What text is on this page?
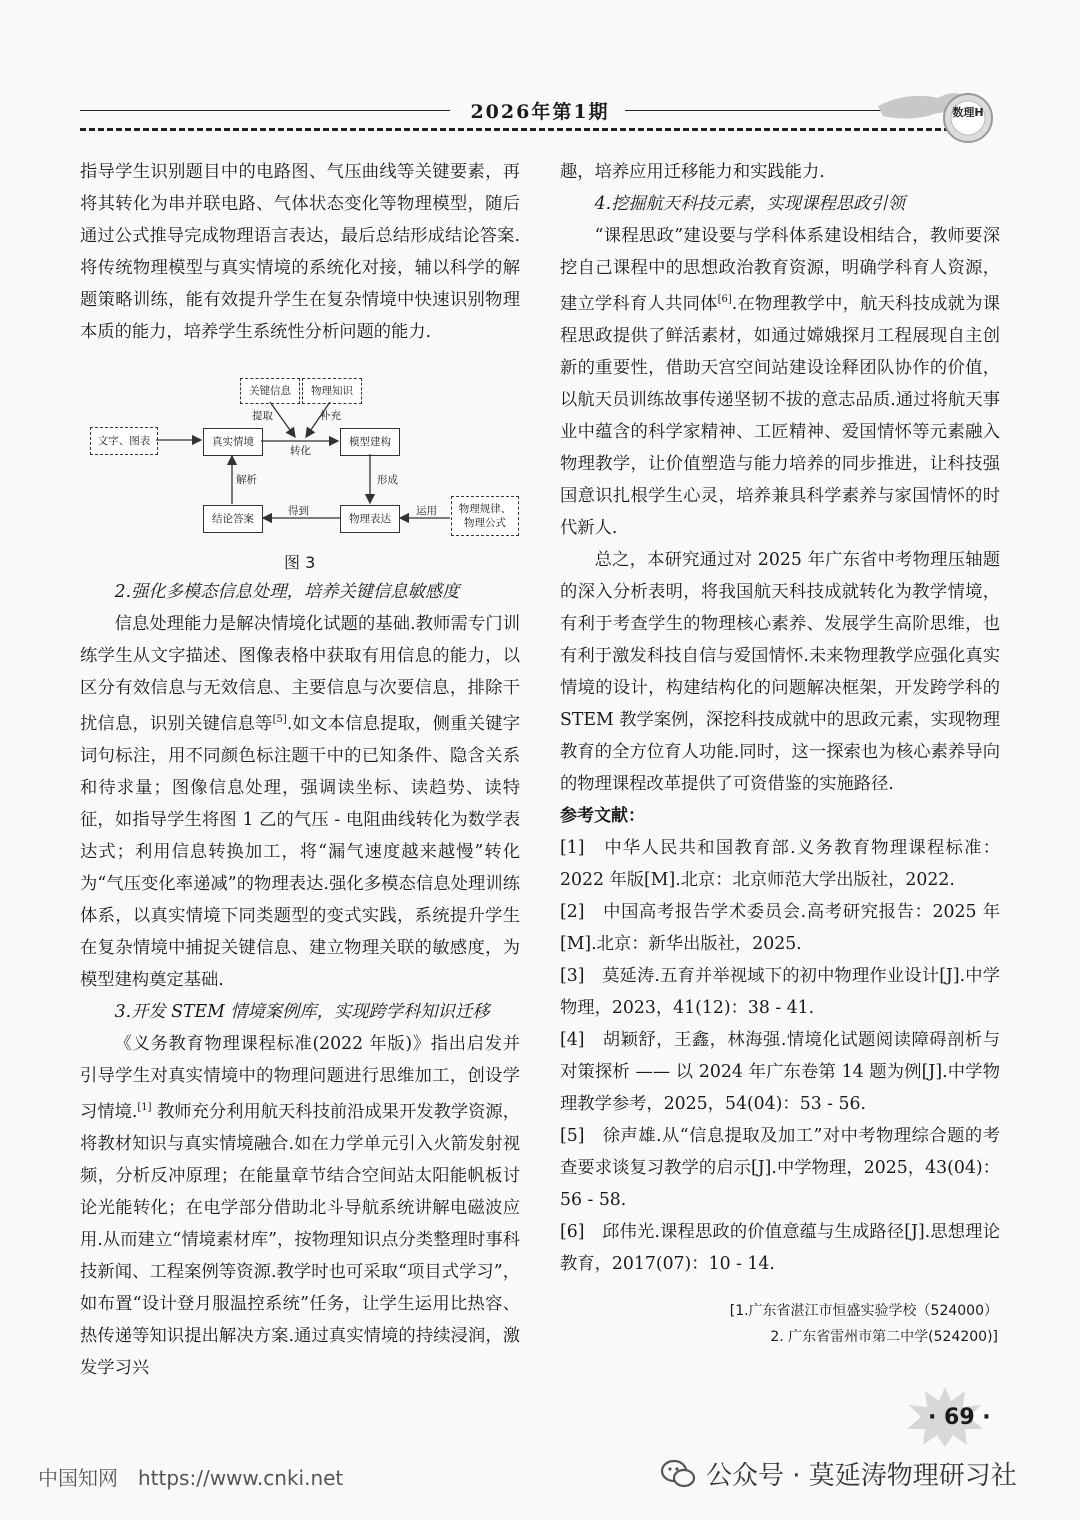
2026年第1期	数理H

指导学生识别题目中的电路图、气压曲线等关键要素，再将其转化为串并联电路、气体状态变化等物理模型，随后通过公式推导完成物理语言表达，最后总结形成结论答案.将传统物理模型与真实情境的系统化对接，辅以科学的解题策略训练，能有效提升学生在复杂情境中快速识别物理本质的能力，培养学生系统性分析问题的能力.

关键信息	物理知识
文字、图表	真实情境	模型建构
结论答案	物理表达
物理规律、
物理公式
提取	补充
转化
解析	形成
得到	运用
图 3

2.强化多模态信息处理，培养关键信息敏感度

信息处理能力是解决情境化试题的基础.教师需专门训练学生从文字描述、图像表格中获取有用信息的能力，以区分有效信息与无效信息、主要信息与次要信息，排除干扰信息，识别关键信息等[5].如文本信息提取，侧重关键字词句标注，用不同颜色标注题干中的已知条件、隐含关系和待求量；图像信息处理，强调读坐标、读趋势、读特征，如指导学生将图 1 乙的气压 - 电阻曲线转化为数学表达式；利用信息转换加工，将“漏气速度越来越慢”转化为“气压变化率递减”的物理表达.强化多模态信息处理训练体系，以真实情境下同类题型的变式实践，系统提升学生在复杂情境中捕捉关键信息、建立物理关联的敏感度，为模型建构奠定基础.

3.开发 STEM 情境案例库，实现跨学科知识迁移

《义务教育物理课程标准(2022 年版)》指出启发并引导学生对真实情境中的物理问题进行思维加工，创设学习情境.[1] 教师充分利用航天科技前沿成果开发教学资源，将教材知识与真实情境融合.如在力学单元引入火箭发射视频，分析反冲原理；在能量章节结合空间站太阳能帆板讨论光能转化；在电学部分借助北斗导航系统讲解电磁波应用.从而建立“情境素材库”，按物理知识点分类整理时事科技新闻、工程案例等资源.教学时也可采取“项目式学习”，如布置“设计登月服温控系统”任务，让学生运用比热容、热传递等知识提出解决方案.通过真实情境的持续浸润，激发学习兴

趣，培养应用迁移能力和实践能力.

4.挖掘航天科技元素，实现课程思政引领

“课程思政”建设要与学科体系建设相结合，教师要深挖自己课程中的思想政治教育资源，明确学科育人资源，建立学科育人共同体[6].在物理教学中，航天科技成就为课程思政提供了鲜活素材，如通过嫦娥探月工程展现自主创新的重要性，借助天宫空间站建设诠释团队协作的价值，以航天员训练故事传递坚韧不拔的意志品质.通过将航天事业中蕴含的科学家精神、工匠精神、爱国情怀等元素融入物理教学，让价值塑造与能力培养的同步推进，让科技强国意识扎根学生心灵，培养兼具科学素养与家国情怀的时代新人.

总之，本研究通过对 2025 年广东省中考物理压轴题的深入分析表明，将我国航天科技成就转化为教学情境，有利于考查学生的物理核心素养、发展学生高阶思维，也有利于激发科技自信与爱国情怀.未来物理教学应强化真实情境的设计，构建结构化的问题解决框架，开发跨学科的 STEM 教学案例，深挖科技成就中的思政元素，实现物理教育的全方位育人功能.同时，这一探索也为核心素养导向的物理课程改革提供了可资借鉴的实施路径.

参考文献：

[1]　中华人民共和国教育部.义务教育物理课程标准：2022 年版[M].北京：北京师范大学出版社，2022.

[2]　中国高考报告学术委员会.高考研究报告：2025 年[M].北京：新华出版社，2025.

[3]　莫延涛.五育并举视域下的初中物理作业设计[J].中学物理，2023，41(12)：38 - 41.

[4]　胡颖舒，王鑫，林海强.情境化试题阅读障碍剖析与对策探析 —— 以 2024 年广东卷第 14 题为例[J].中学物理教学参考，2025，54(04)：53 - 56.

[5]　徐声雄.从“信息提取及加工”对中考物理综合题的考查要求谈复习教学的启示[J].中学物理，2025，43(04)：56 - 58.

[6]　邱伟光.课程思政的价值意蕴与生成路径[J].思想理论教育，2017(07)：10 - 14.

[1.广东省湛江市恒盛实验学校（524000）
2. 广东省雷州市第二中学(524200)]
· 69 ·
中国知网　https://www.cnki.net	公众号 · 莫延涛物理研习社
